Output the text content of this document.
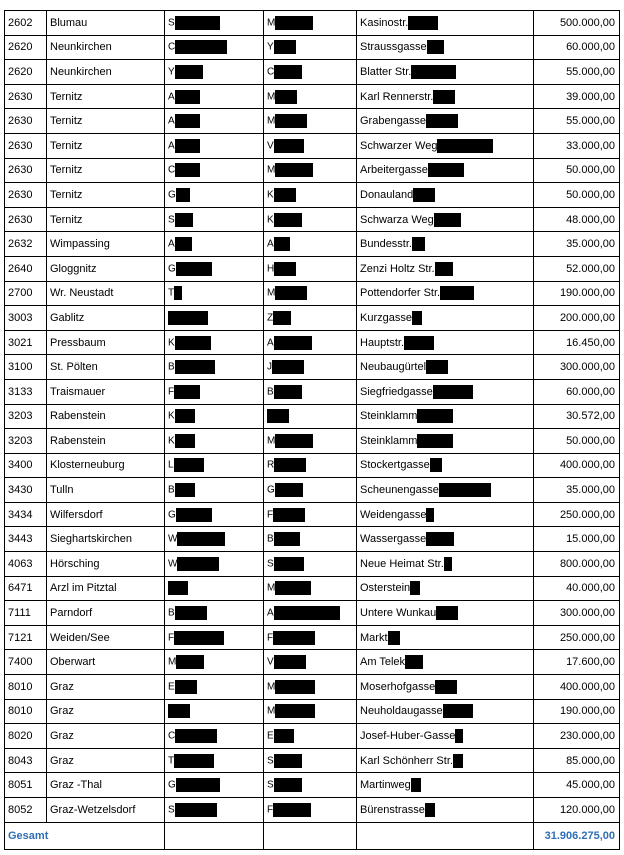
2602	Blumau	S	M	Kasinostr.	500.000,00
2620	Neunkirchen	C	Y	Straussgasse	60.000,00
2620	Neunkirchen	Y	C	Blatter Str.	55.000,00
2630	Ternitz	A	M	Karl Rennerstr.	39.000,00
2630	Ternitz	A	M	Grabengasse	55.000,00
2630	Ternitz	A	V	Schwarzer Weg	33.000,00
2630	Ternitz	C	M	Arbeitergasse	50.000,00
2630	Ternitz	G	K	Donauland	50.000,00
2630	Ternitz	S	K	Schwarza Weg	48.000,00
2632	Wimpassing	A	A	Bundesstr.	35.000,00
2640	Gloggnitz	G	H	Zenzi Holtz Str.	52.000,00
2700	Wr. Neustadt	T	M	Pottendorfer Str.	190.000,00
3003	Gablitz		Z	Kurzgasse	200.000,00
3021	Pressbaum	K	A	Hauptstr.	16.450,00
3100	St. Pölten	B	J	Neubaugürtel	300.000,00
3133	Traismauer	F	B	Siegfriedgasse	60.000,00
3203	Rabenstein	K		Steinklamm	30.572,00
3203	Rabenstein	K	M	Steinklamm	50.000,00
3400	Klosterneuburg	L	R	Stockertgasse	400.000,00
3430	Tulln	B	G	Scheunengasse	35.000,00
3434	Wilfersdorf	G	F	Weidengasse	250.000,00
3443	Sieghartskirchen	W	B	Wassergasse	15.000,00
4063	Hörsching	W	S	Neue Heimat Str.	800.000,00
6471	Arzl im Pitztal		M	Osterstein	40.000,00
7111	Parndorf	B	A	Untere Wunkau	300.000,00
7121	Weiden/See	F	F	Markt	250.000,00
7400	Oberwart	M	V	Am Telek	17.600,00
8010	Graz	E	M	Moserhofgasse	400.000,00
8010	Graz		M	Neuholdaugasse	190.000,00
8020	Graz	C	E	Josef-Huber-Gasse	230.000,00
8043	Graz	T	S	Karl Schönherr Str.	85.000,00
8051	Graz -Thal	G	S	Martinweg	45.000,00
8052	Graz-Wetzelsdorf	S	F	Bürenstrasse	120.000,00
Gesamt					31.906.275,00
